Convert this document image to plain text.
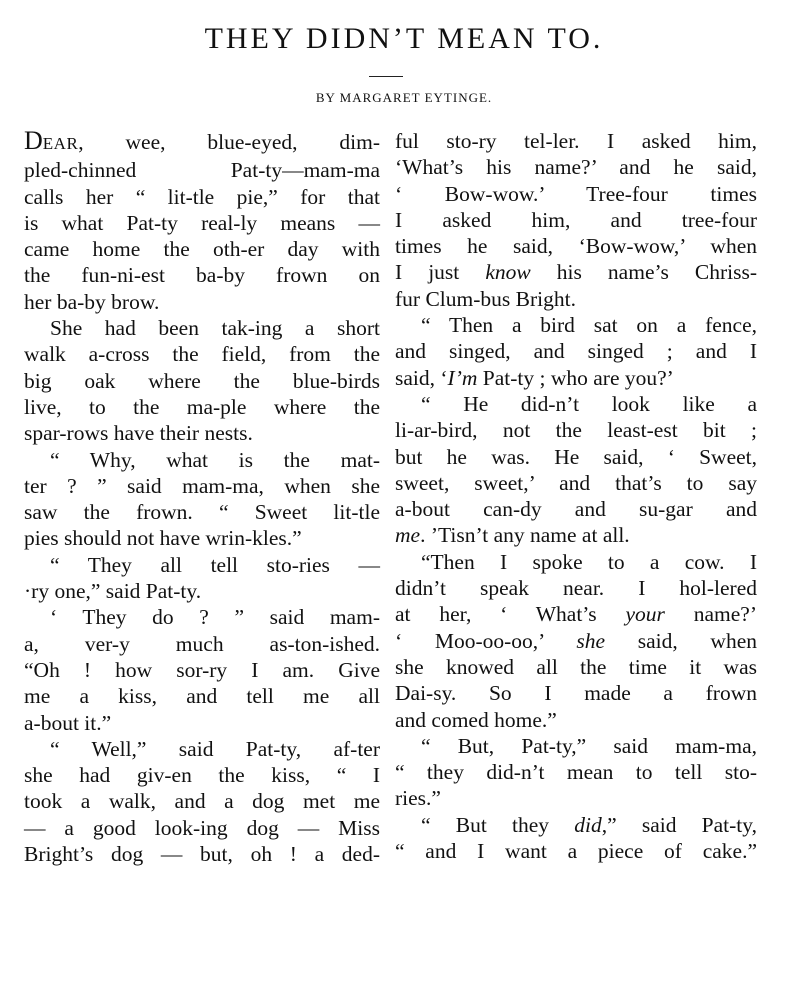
THEY DIDN’T MEAN TO.

BY MARGARET EYTINGE.

DEAR, wee, blue-eyed, dim-
pled-chinned Pat-ty—mam-ma
calls her “ lit-tle pie,” for that
is what Pat-ty real-ly means —
came home the oth-er day with
the fun-ni-est ba-by frown on
her ba-by brow.
She had been tak-ing a short
walk a-cross the field, from the
big oak where the blue-birds
live, to the ma-ple where the
spar-rows have their nests.
“ Why, what is the mat-
ter ? ” said mam-ma, when she
saw the frown. “ Sweet lit-tle
pies should not have wrin-kles.”
“ They all tell sto-ries —
·ry one,” said Pat-ty.
‘ They do ? ” said mam-
a, ver-y much as-ton-ished.
“Oh ! how sor-ry I am. Give
me a kiss, and tell me all
a-bout it.”
“ Well,” said Pat-ty, af-ter
she had giv-en the kiss, “ I
took a walk, and a dog met me
— a good look-ing dog — Miss
Bright’s dog — but, oh ! a ded-
ful sto-ry tel-ler. I asked him,
‘What’s his name?’ and he said,
‘ Bow-wow.’ Tree-four times
I asked him, and tree-four
times he said, ‘Bow-wow,’ when
I just know his name’s Chriss-
fur Clum-bus Bright.
“ Then a bird sat on a fence,
and singed, and singed ; and I
said, ‘I’m Pat-ty ; who are you?’
“ He did-n’t look like a
li-ar-bird, not the least-est bit ;
but he was. He said, ‘ Sweet,
sweet, sweet,’ and that’s to say
a-bout can-dy and su-gar and
me. ’Tisn’t any name at all.
“Then I spoke to a cow. I
didn’t speak near. I hol-lered
at her, ‘ What’s your name?’
‘ Moo-oo-oo,’ she said, when
she knowed all the time it was
Dai-sy. So I made a frown
and comed home.”
“ But, Pat-ty,” said mam-ma,
“ they did-n’t mean to tell sto-
ries.”
“ But they did,” said Pat-ty,
“ and I want a piece of cake.”
